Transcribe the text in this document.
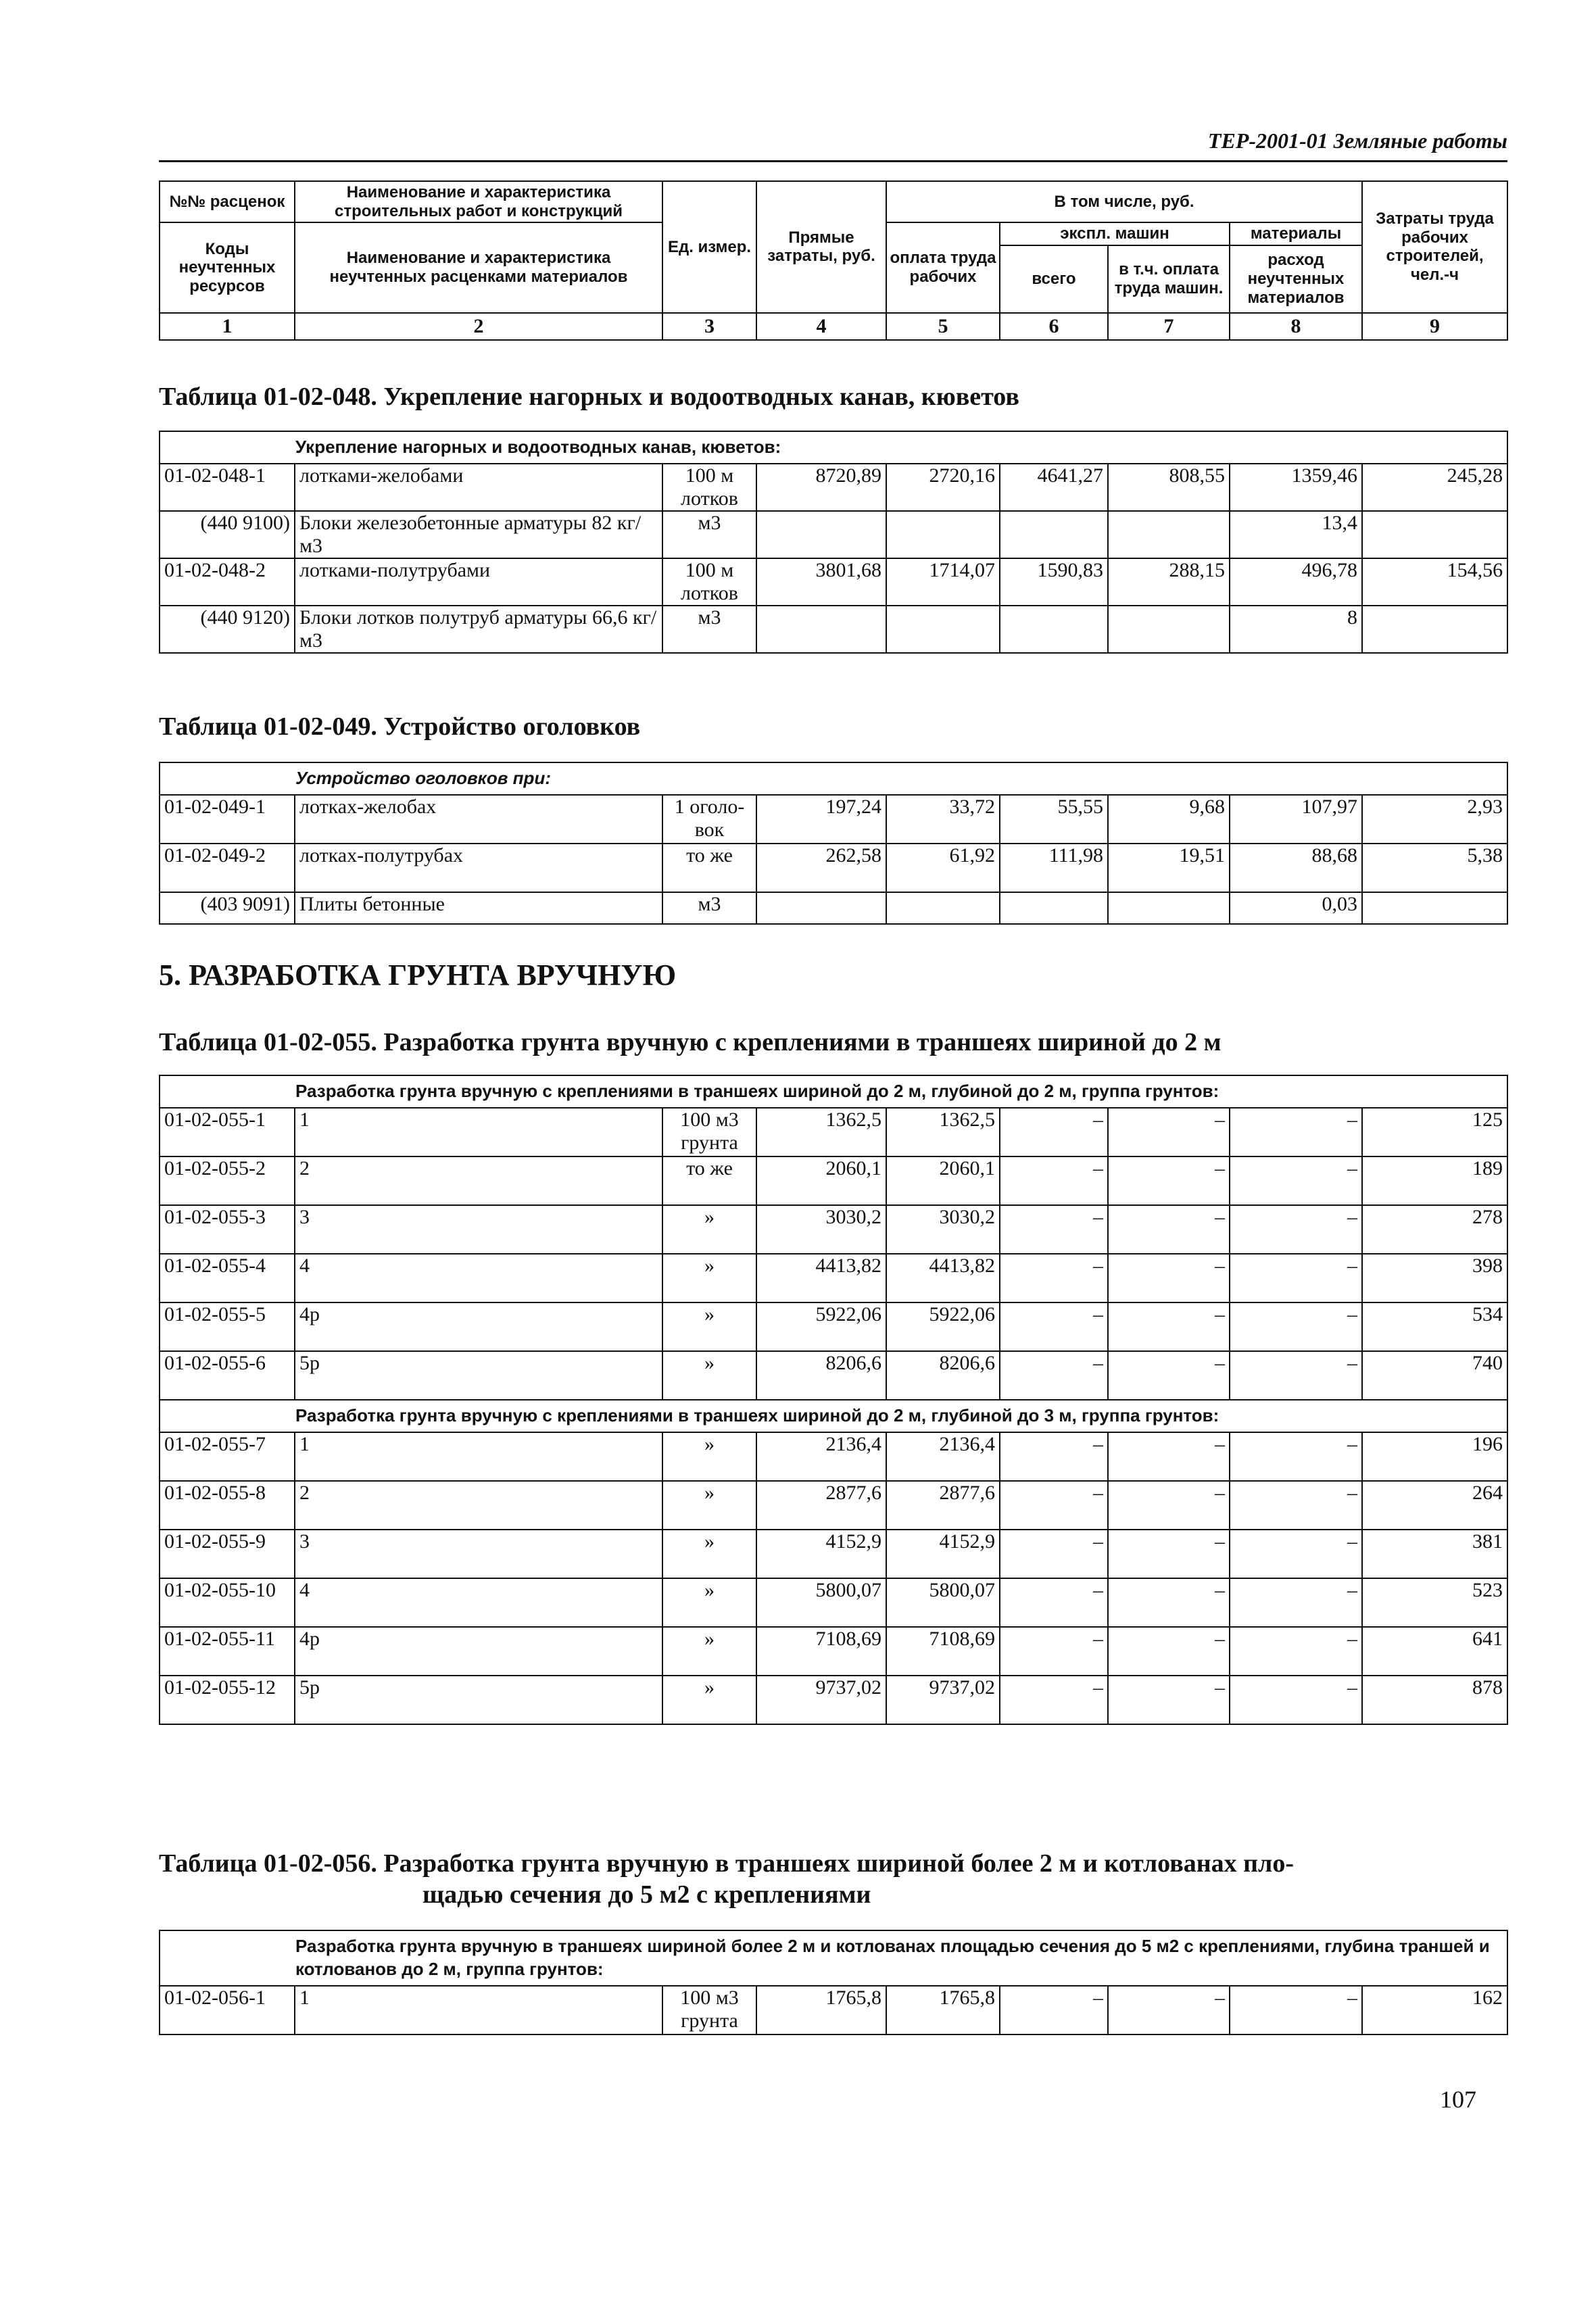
ТЕР-2001-01 Земляные работы
№№ расценок	Наименование и характеристика строительных работ и конструкций	Ед. измер.	Прямые затраты, руб.	В том числе, руб.				Затраты труда рабочих строителей, чел.-ч
Коды неучтенных ресурсов	Наименование и характеристика неучтенных расценками материалов			оплата труда рабочих	экспл. машин		материалы	
					всего	в т.ч. оплата труда машин.	расход неучтенных материалов	

1	2	3	4	5	6	7	8	9
Таблица 01-02-048. Укрепление нагорных и водоотводных канав, кюветов
Укрепление нагорных и водоотводных канав, кюветов:								
01-02-048-1	лотками-желобами	100 м лотков	8720,89	2720,16	4641,27	808,55	1359,46	245,28
(440 9100)	Блоки железобетонные арматуры 82 кг/м3	м3					13,4	
01-02-048-2	лотками-полутрубами	100 м лотков	3801,68	1714,07	1590,83	288,15	496,78	154,56
(440 9120)	Блоки лотков полутруб арматуры 66,6 кг/м3	м3					8	
Таблица 01-02-049. Устройство оголовков
Устройство оголовков при:								
01-02-049-1	лотках-желобах	1 оголо-вок	197,24	33,72	55,55	9,68	107,97	2,93
01-02-049-2	лотках-полутрубах	то же	262,58	61,92	111,98	19,51	88,68	5,38
(403 9091)	Плиты бетонные	м3					0,03	
5. РАЗРАБОТКА ГРУНТА ВРУЧНУЮ
Таблица 01-02-055. Разработка грунта вручную с креплениями в траншеях шириной до 2 м
Разработка грунта вручную с креплениями в траншеях шириной до 2 м, глубиной до 2 м, группа грунтов:								
01-02-055-1	1	100 м3 грунта	1362,5	1362,5	–	–	–	125
01-02-055-2	2	то же	2060,1	2060,1	–	–	–	189
01-02-055-3	3	»	3030,2	3030,2	–	–	–	278
01-02-055-4	4	»	4413,82	4413,82	–	–	–	398
01-02-055-5	4р	»	5922,06	5922,06	–	–	–	534
01-02-055-6	5р	»	8206,6	8206,6	–	–	–	740
Разработка грунта вручную с креплениями в траншеях шириной до 2 м, глубиной до 3 м, группа грунтов:								
01-02-055-7	1	»	2136,4	2136,4	–	–	–	196
01-02-055-8	2	»	2877,6	2877,6	–	–	–	264
01-02-055-9	3	»	4152,9	4152,9	–	–	–	381
01-02-055-10	4	»	5800,07	5800,07	–	–	–	523
01-02-055-11	4р	»	7108,69	7108,69	–	–	–	641
01-02-055-12	5р	»	9737,02	9737,02	–	–	–	878
Таблица 01-02-056. Разработка грунта вручную в траншеях шириной более 2 м и котлованах пло-
щадью сечения до 5 м2 с креплениями
Разработка грунта вручную в траншеях шириной более 2 м и котлованах площадью сечения до 5 м2 с креплениями, глубина траншей и котлованов до 2 м, группа грунтов:
01-02-056-1	1	100 м3 грунта	1765,8	1765,8	–	–	–	162
107
